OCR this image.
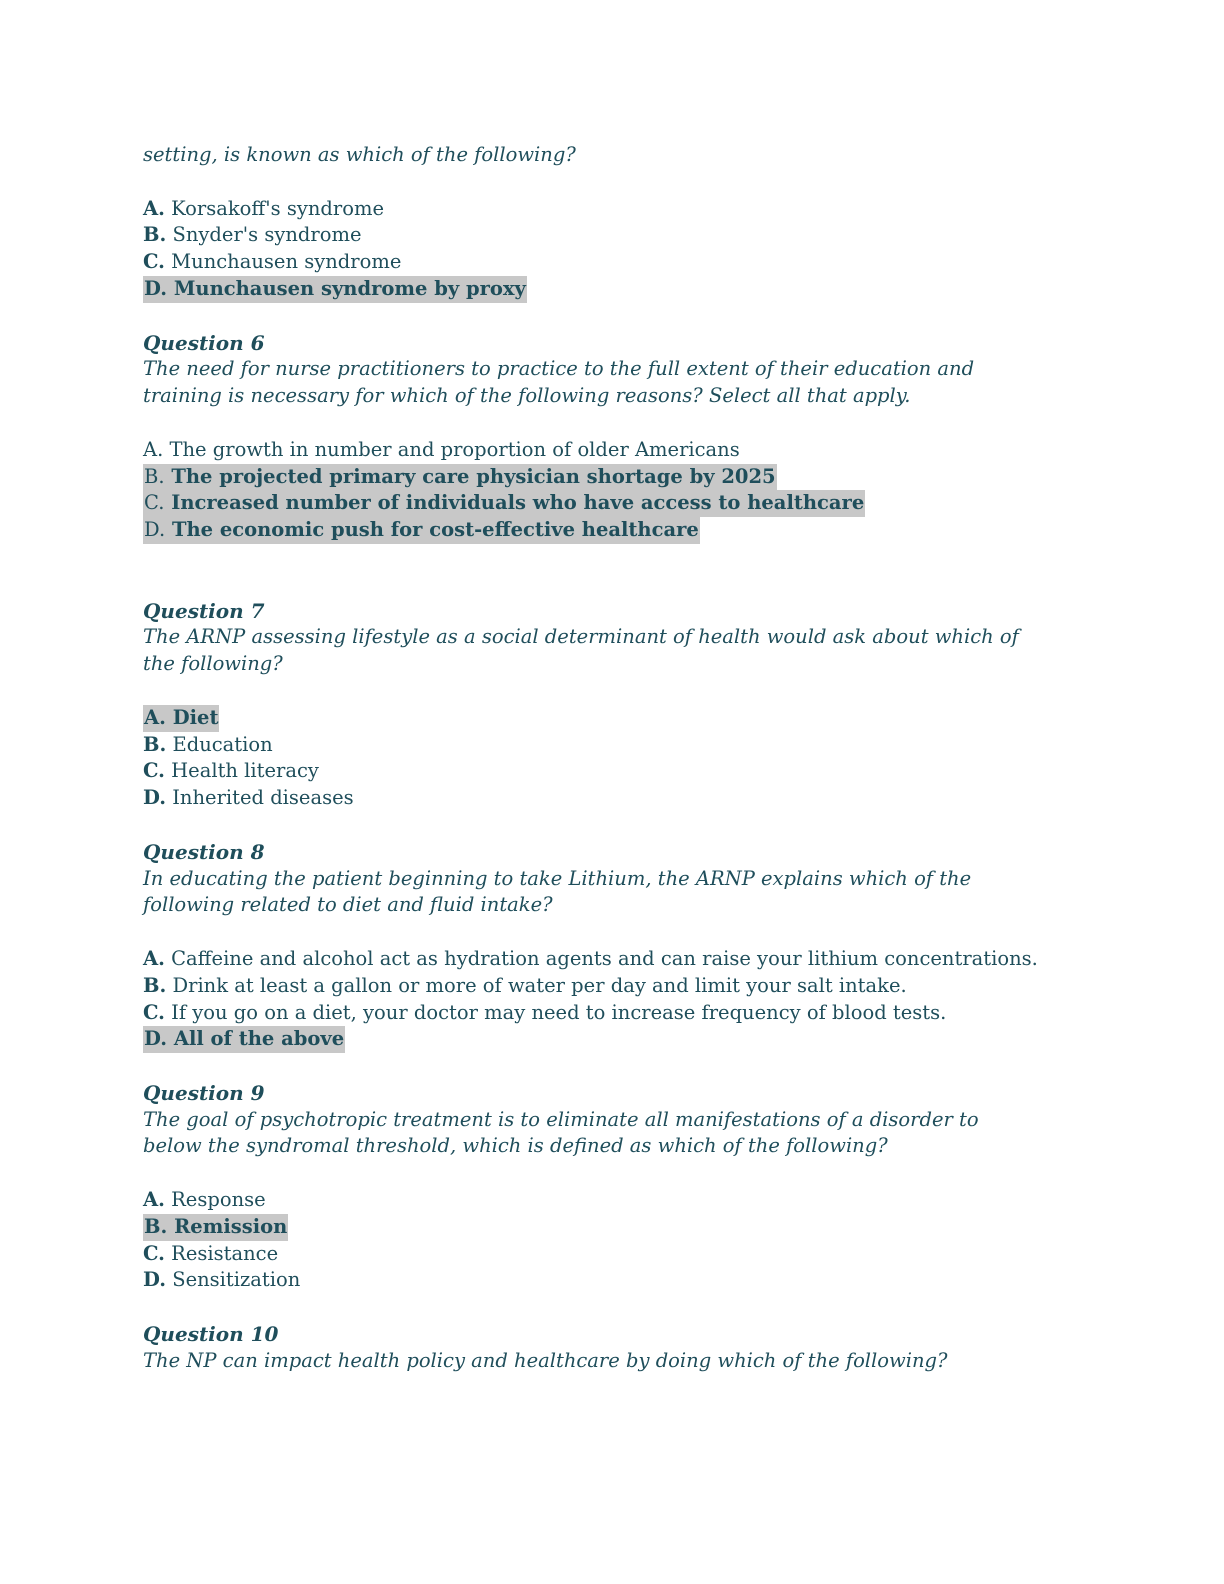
setting, is known as which of the following?
A. Korsakoff's syndrome
B. Snyder's syndrome
C. Munchausen syndrome
D. Munchausen syndrome by proxy
Question 6
The need for nurse practitioners to practice to the full extent of their education and training is necessary for which of the following reasons? Select all that apply.
A. The growth in number and proportion of older Americans
B. The projected primary care physician shortage by 2025
C. Increased number of individuals who have access to healthcare
D. The economic push for cost-effective healthcare
Question 7
The ARNP assessing lifestyle as a social determinant of health would ask about which of the following?
A. Diet
B. Education
C. Health literacy
D. Inherited diseases
Question 8
In educating the patient beginning to take Lithium, the ARNP explains which of the following related to diet and fluid intake?
A. Caffeine and alcohol act as hydration agents and can raise your lithium concentrations.
B. Drink at least a gallon or more of water per day and limit your salt intake.
C. If you go on a diet, your doctor may need to increase frequency of blood tests.
D. All of the above
Question 9
The goal of psychotropic treatment is to eliminate all manifestations of a disorder to below the syndromal threshold, which is defined as which of the following?
A. Response
B. Remission
C. Resistance
D. Sensitization
Question 10
The NP can impact health policy and healthcare by doing which of the following?
